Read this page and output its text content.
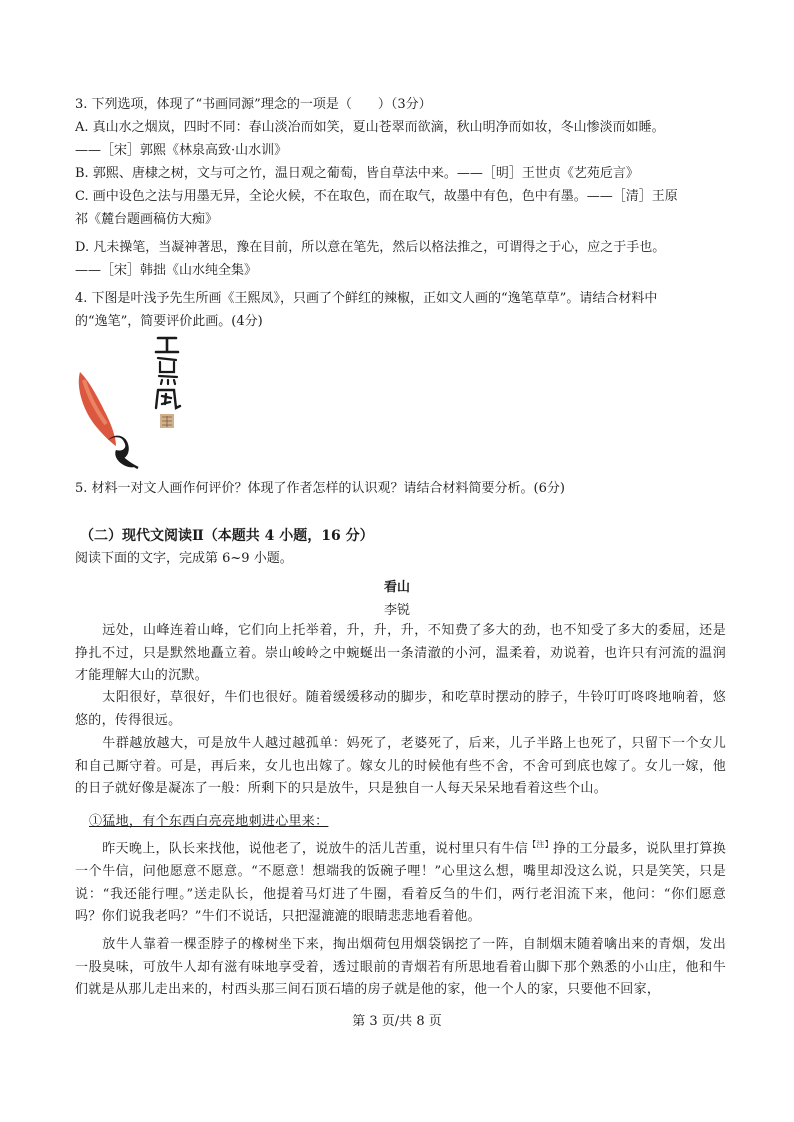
3. 下列选项，体现了“书画同源”理念的一项是（　　）（3分）
A. 真山水之烟岚，四时不同：春山淡冶而如笑，夏山苍翠而欲滴，秋山明净而如妆，冬山惨淡而如睡。
——［宋］郭熙《林泉高致·山水训》
B. 郭熙、唐棣之树，文与可之竹，温日观之葡萄，皆自草法中来。——［明］王世贞《艺苑卮言》
C. 画中设色之法与用墨无异，全论火候，不在取色，而在取气，故墨中有色，色中有墨。——［清］王原
祁《麓台题画稿仿大痴》
D. 凡未操笔，当凝神著思，豫在目前，所以意在笔先，然后以格法推之，可谓得之于心，应之于手也。
——［宋］韩拙《山水纯全集》
4. 下图是叶浅予先生所画《王熙凤》，只画了个鲜红的辣椒，正如文人画的“逸笔草草”。请结合材料中
的“逸笔”，简要评价此画。(4分)
5. 材料一对文人画作何评价？体现了作者怎样的认识观？请结合材料简要分析。(6分)
（二）现代文阅读Ⅱ（本题共 4 小题，16 分）
阅读下面的文字，完成第 6~9 小题。
看山
李锐
远处，山峰连着山峰，它们向上托举着，升，升，升，不知费了多大的劲，也不知受了多大的委屈，还是挣扎不过，只是默然地矗立着。崇山峻岭之中蜿蜒出一条清澈的小河，温柔着，劝说着，也许只有河流的温润才能理解大山的沉默。
太阳很好，草很好，牛们也很好。随着缓缓移动的脚步，和吃草时摆动的脖子，牛铃叮叮咚咚地响着，悠悠的，传得很远。
牛群越放越大，可是放牛人越过越孤单：妈死了，老婆死了，后来，儿子半路上也死了，只留下一个女儿和自己厮守着。可是，再后来，女儿也出嫁了。嫁女儿的时候他有些不舍，不舍可到底也嫁了。女儿一嫁，他的日子就好像是凝冻了一般：所剩下的只是放牛，只是独自一人每天呆呆地看着这些个山。
①猛地，有个东西白亮亮地刺进心里来：
昨天晚上，队长来找他，说他老了，说放牛的活儿苦重，说村里只有牛信$^{【注】}$挣的工分最多，说队里打算换一个牛信，问他愿意不愿意。“不愿意！想端我的饭碗子哩！”心里这么想，嘴里却没这么说，只是笑笑，只是说：“我还能行哩。”送走队长，他提着马灯进了牛圈，看着反刍的牛们，两行老泪流下来，他问：“你们愿意吗？你们说我老吗？”牛们不说话，只把湿漉漉的眼睛悲悲地看着他。
放牛人靠着一棵歪脖子的橡树坐下来，掏出烟荷包用烟袋锅挖了一阵，自制烟末随着噙出来的青烟，发出一股臭味，可放牛人却有滋有味地享受着，透过眼前的青烟若有所思地看着山脚下那个熟悉的小山庄，他和牛们就是从那儿走出来的，村西头那三间石顶石墙的房子就是他的家，他一个人的家，只要他不回家，
第 3 页/共 8 页
